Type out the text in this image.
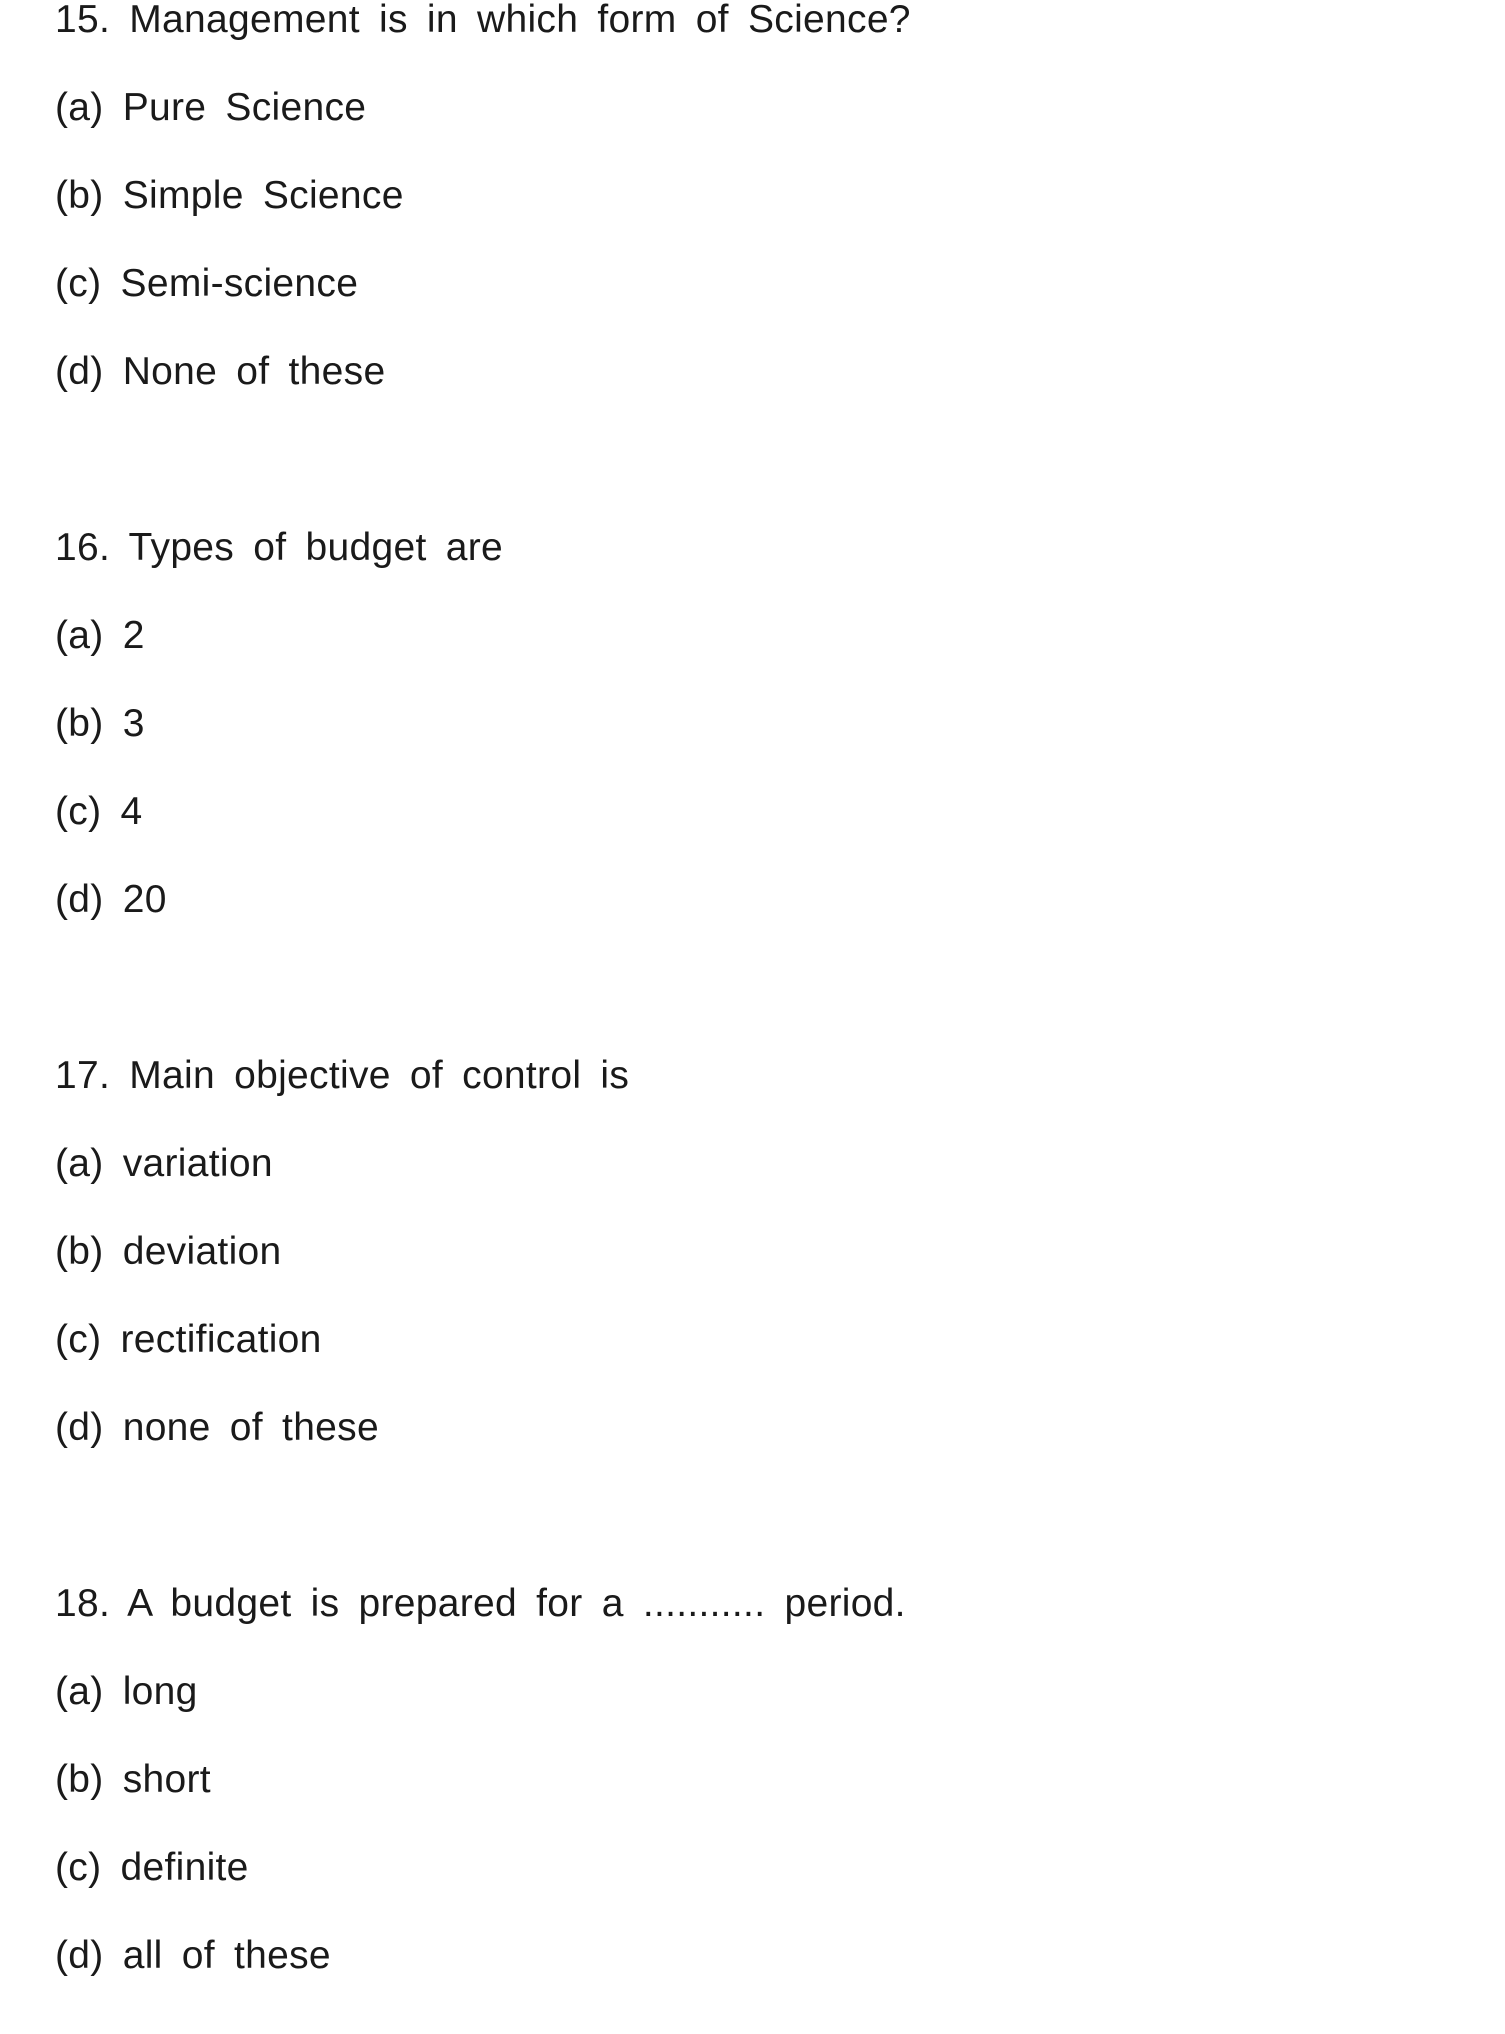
15. Management is in which form of Science?
(a) Pure Science
(b) Simple Science
(c) Semi-science
(d) None of these
16. Types of budget are
(a) 2
(b) 3
(c) 4
(d) 20
17. Main objective of control is
(a) variation
(b) deviation
(c) rectification
(d) none of these
18. A budget is prepared for a ........... period.
(a) long
(b) short
(c) definite
(d) all of these
